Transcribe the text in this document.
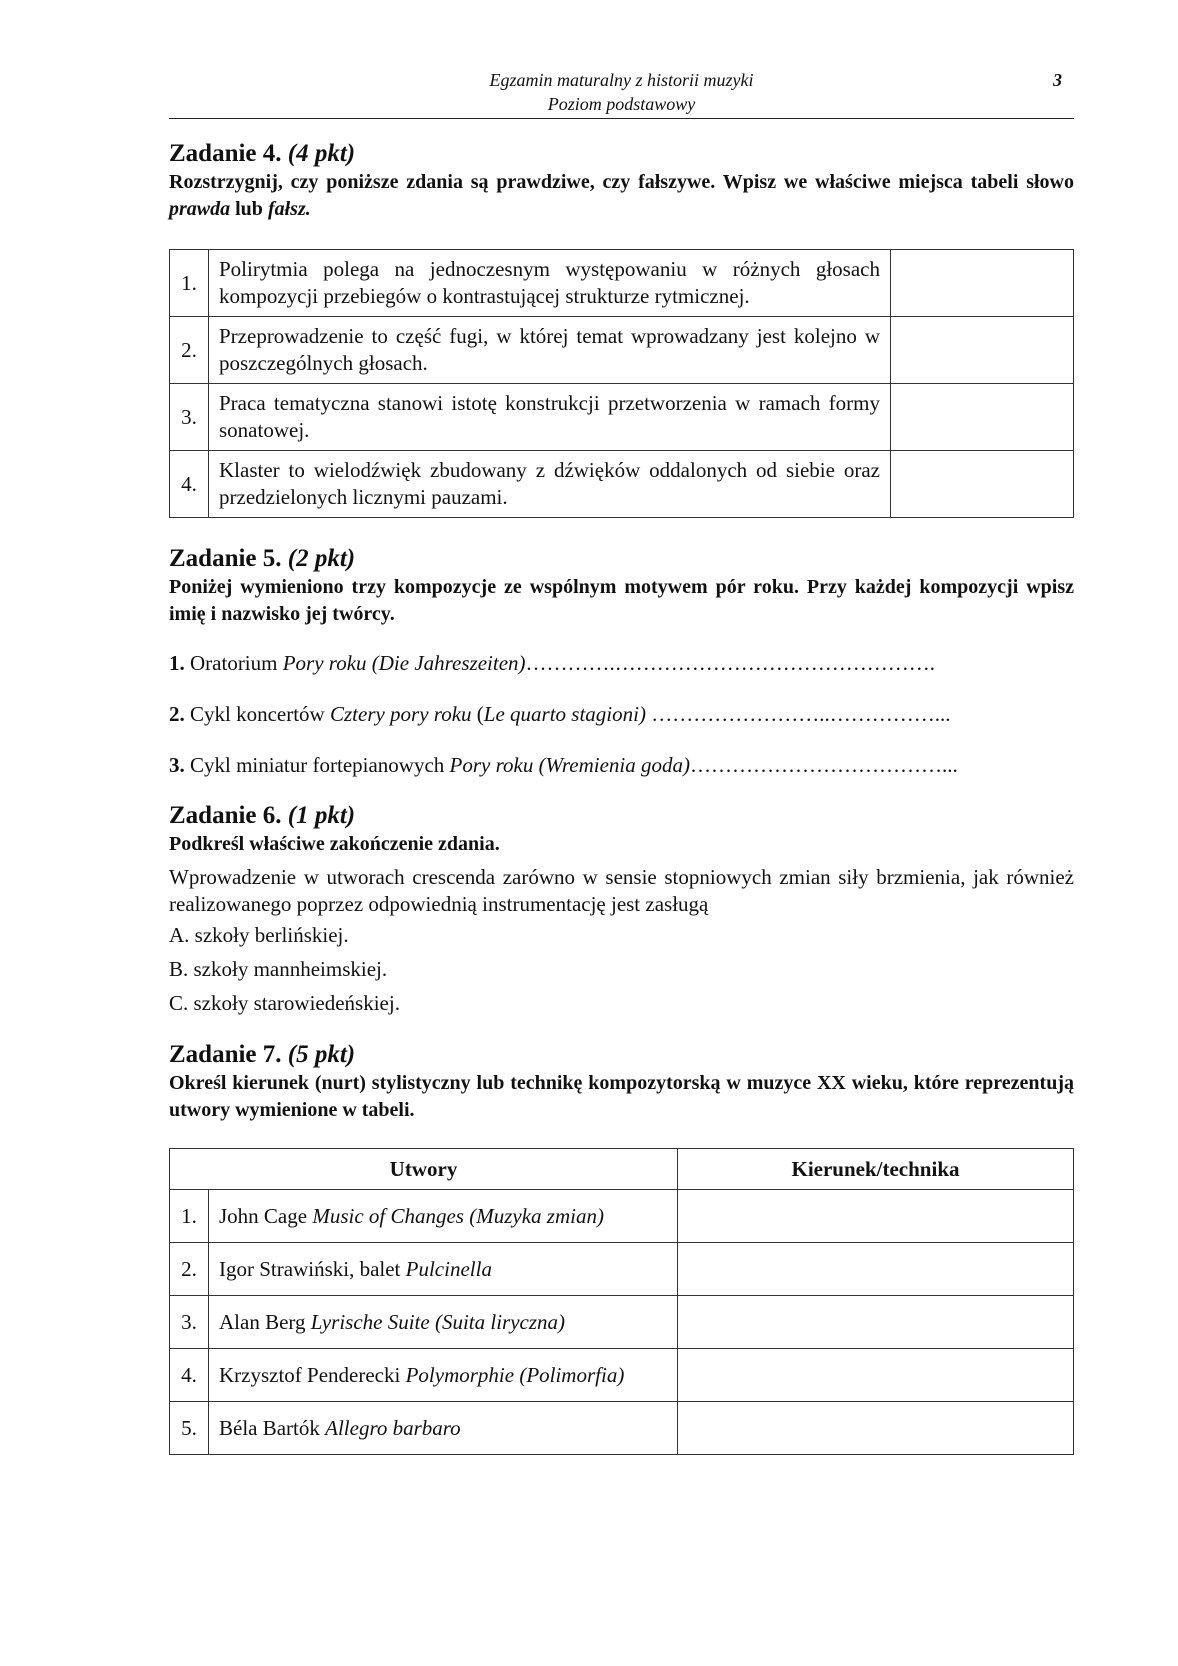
Egzamin maturalny z historii muzyki
Poziom podstawowy
3
Zadanie 4. (4 pkt)
Rozstrzygnij, czy poniższe zdania są prawdziwe, czy fałszywe. Wpisz we właściwe miejsca tabeli słowo prawda lub fałsz.
1.	Polirytmia polega na jednoczesnym występowaniu w różnych głosach kompozycji przebiegów o kontrastującej strukturze rytmicznej.	
2.	Przeprowadzenie to część fugi, w której temat wprowadzany jest kolejno w poszczególnych głosach.	
3.	Praca tematyczna stanowi istotę konstrukcji przetworzenia w ramach formy sonatowej.	
4.	Klaster to wielodźwięk zbudowany z dźwięków oddalonych od siebie oraz przedzielonych licznymi pauzami.	
Zadanie 5. (2 pkt)
Poniżej wymieniono trzy kompozycje ze wspólnym motywem pór roku. Przy każdej kompozycji wpisz imię i nazwisko jej twórcy.
1. Oratorium Pory roku (Die Jahreszeiten)………….……………………………………….
2. Cykl koncertów Cztery pory roku (Le quarto stagioni) ……………………..……………...
3. Cykl miniatur fortepianowych Pory roku (Wremienia goda)………………………………...
Zadanie 6. (1 pkt)
Podkreśl właściwe zakończenie zdania.
Wprowadzenie w utworach crescenda zarówno w sensie stopniowych zmian siły brzmienia, jak również realizowanego poprzez odpowiednią instrumentację jest zasługą
A. szkoły berlińskiej.
B. szkoły mannheimskiej.
C. szkoły starowiedeńskiej.
Zadanie 7. (5 pkt)
Określ kierunek (nurt) stylistyczny lub technikę kompozytorską w muzyce XX wieku, które reprezentują utwory wymienione w tabeli.
Utwory		Kierunek/technika
1.	John Cage Music of Changes (Muzyka zmian)	
2.	Igor Strawiński, balet Pulcinella	
3.	Alan Berg Lyrische Suite (Suita liryczna)	
4.	Krzysztof Penderecki Polymorphie (Polimorfia)	
5.	Béla Bartók Allegro barbaro	
